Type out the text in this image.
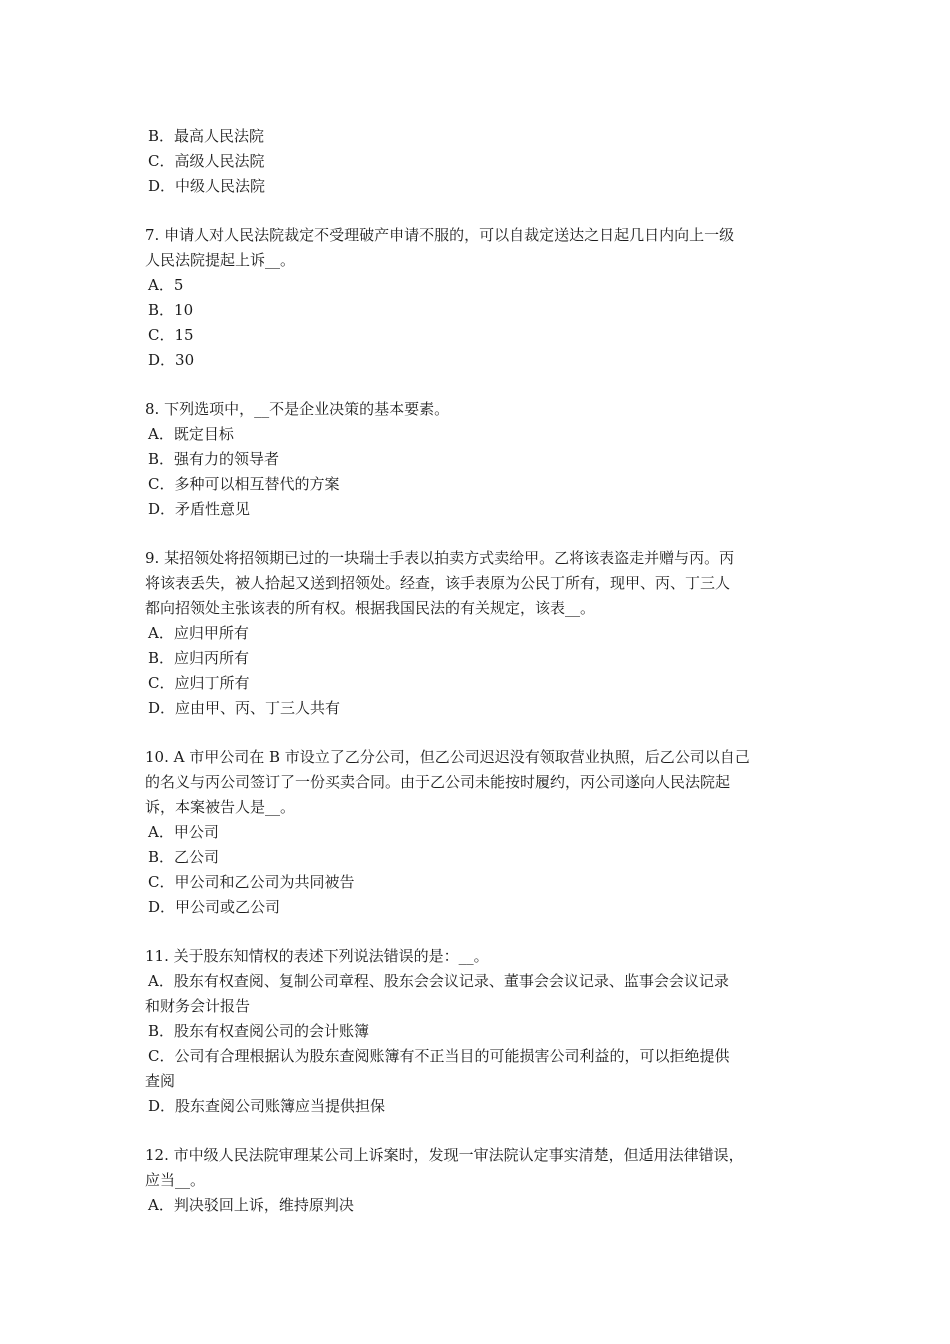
B．最高人民法院
C．高级人民法院
D．中级人民法院
7. 申请人对人民法院裁定不受理破产申请不服的，可以自裁定送达之日起几日内向上一级
人民法院提起上诉__。
A．5
B．10
C．15
D．30
8. 下列选项中，__不是企业决策的基本要素。
A．既定目标
B．强有力的领导者
C．多种可以相互替代的方案
D．矛盾性意见
9. 某招领处将招领期已过的一块瑞士手表以拍卖方式卖给甲。乙将该表盗走并赠与丙。丙
将该表丢失，被人拾起又送到招领处。经查，该手表原为公民丁所有，现甲、丙、丁三人
都向招领处主张该表的所有权。根据我国民法的有关规定，该表__。
A．应归甲所有
B．应归丙所有
C．应归丁所有
D．应由甲、丙、丁三人共有
10. A 市甲公司在 B 市设立了乙分公司，但乙公司迟迟没有领取营业执照，后乙公司以自己
的名义与丙公司签订了一份买卖合同。由于乙公司未能按时履约，丙公司遂向人民法院起
诉，本案被告人是__。
A．甲公司
B．乙公司
C．甲公司和乙公司为共同被告
D．甲公司或乙公司
11. 关于股东知情权的表述下列说法错误的是：__。
A．股东有权查阅、复制公司章程、股东会会议记录、董事会会议记录、监事会会议记录
和财务会计报告
B．股东有权查阅公司的会计账簿
C．公司有合理根据认为股东查阅账簿有不正当目的可能损害公司利益的，可以拒绝提供
查阅
D．股东查阅公司账簿应当提供担保
12. 市中级人民法院审理某公司上诉案时，发现一审法院认定事实清楚，但适用法律错误，
应当__。
A．判决驳回上诉，维持原判决
